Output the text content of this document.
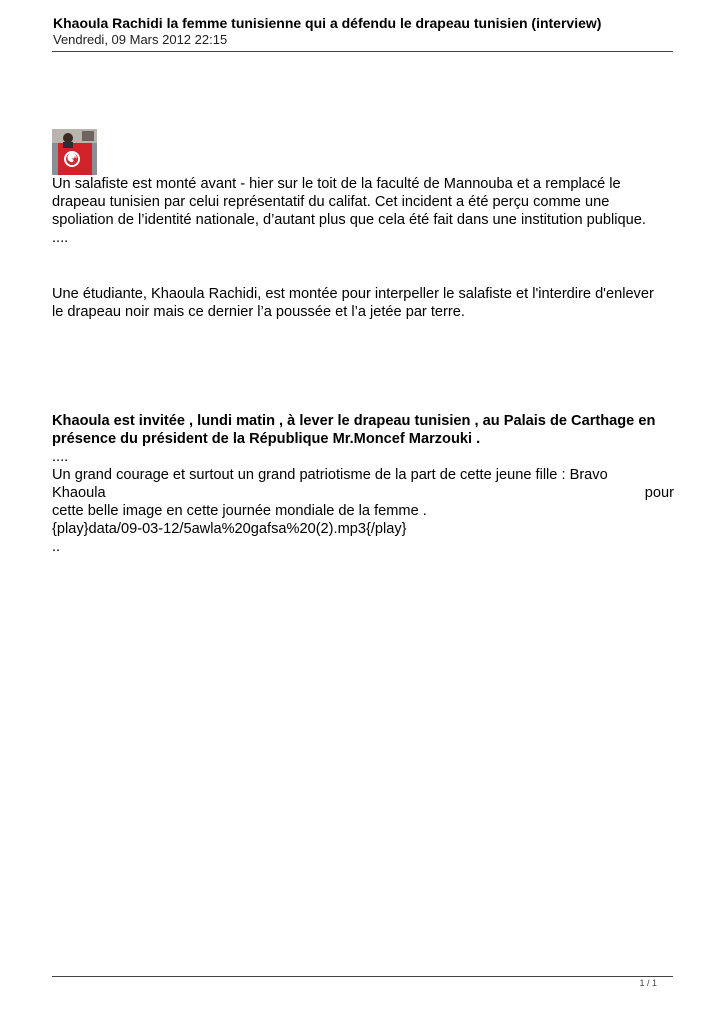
Khaoula Rachidi la femme tunisienne qui a défendu le drapeau tunisien (interview)
Vendredi, 09 Mars 2012 22:15
Un salafiste est monté avant - hier sur le toit de la faculté de Mannouba et a remplacé le
drapeau tunisien par celui représentatif du califat. Cet incident a été perçu comme une
spoliation de l’identité nationale, d’autant plus que cela été fait dans une institution publique.
....
Une étudiante, Khaoula Rachidi, est montée pour interpeller le salafiste et l'interdire d'enlever
le drapeau noir mais ce dernier l’a poussée et l’a jetée par terre.
Khaoula est invitée , lundi matin , à lever le drapeau tunisien , au Palais de Carthage en
présence du président de la République Mr.Moncef Marzouki .
....
Un grand courage et surtout un grand patriotisme de la part de cette jeune fille : Bravo
Khaoula	pour
cette belle image en cette journée mondiale de la femme .
{play}data/09-03-12/5awla%20gafsa%20(2).mp3{/play}
..
1 / 1
